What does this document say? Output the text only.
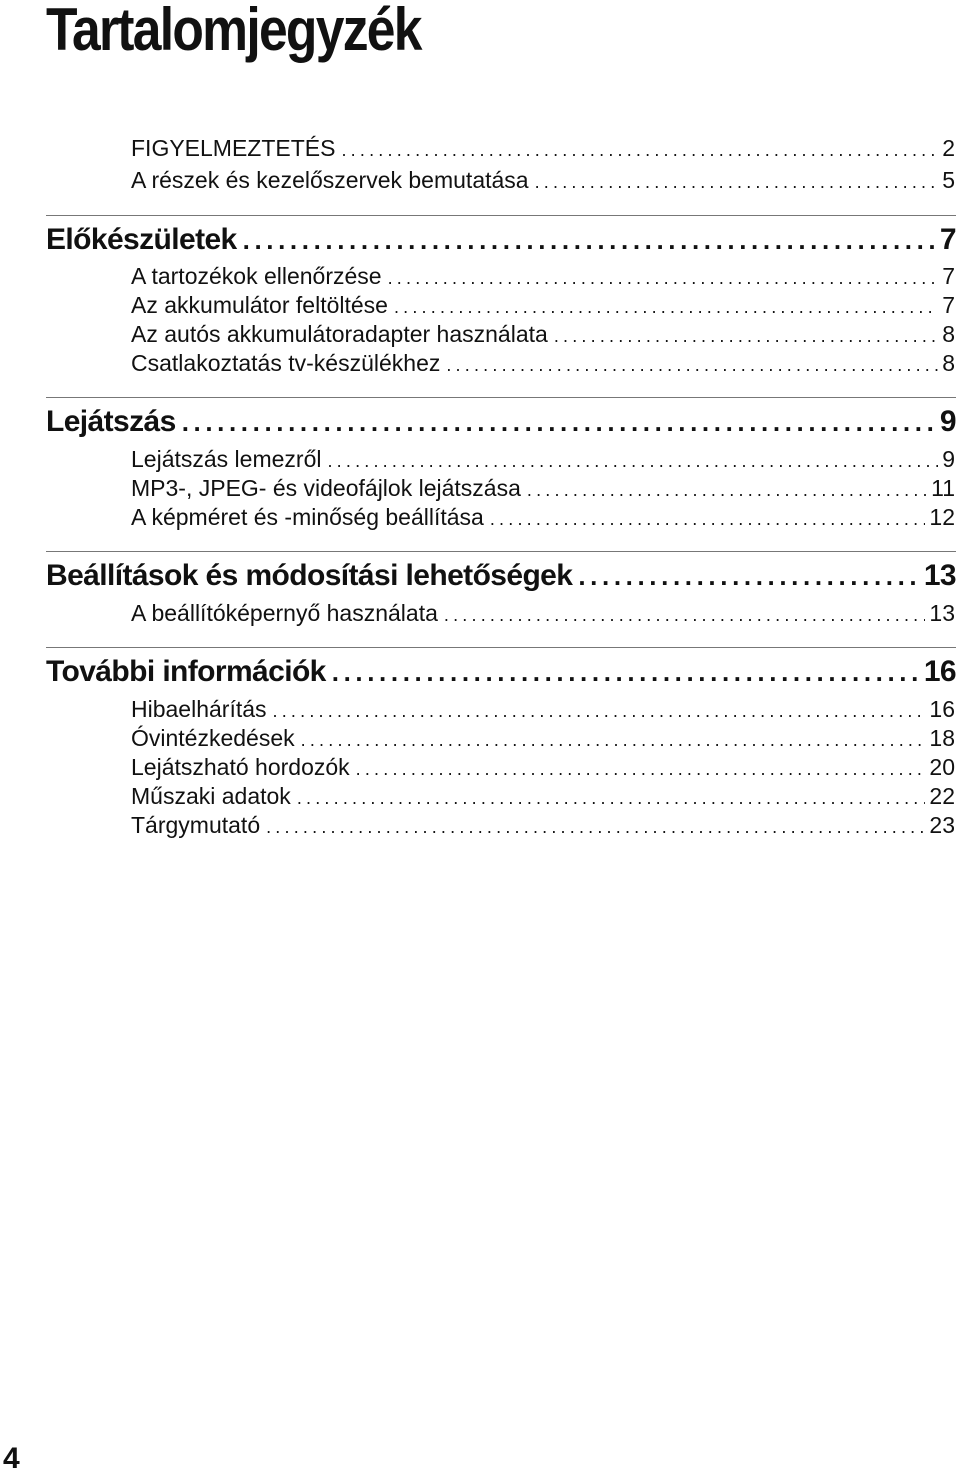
Tartalomjegyzék
FIGYELMEZTETÉS .....	2
A részek és kezelőszervek bemutatása .....	5
Előkészületek .....	7
A tartozékok ellenőrzése .....	7
Az akkumulátor feltöltése .....	7
Az autós akkumulátoradapter használata .....	8
Csatlakoztatás tv-készülékhez .....	8
Lejátszás .....	9
Lejátszás lemezről .....	9
MP3-, JPEG- és videofájlok lejátszása .....	11
A képméret és -minőség beállítása .....	12
Beállítások és módosítási lehetőségek .....	13
A beállítóképernyő használata .....	13
További információk .....	16
Hibaelhárítás .....	16
Óvintézkedések .....	18
Lejátszható hordozók .....	20
Műszaki adatok .....	22
Tárgymutató .....	23
4
